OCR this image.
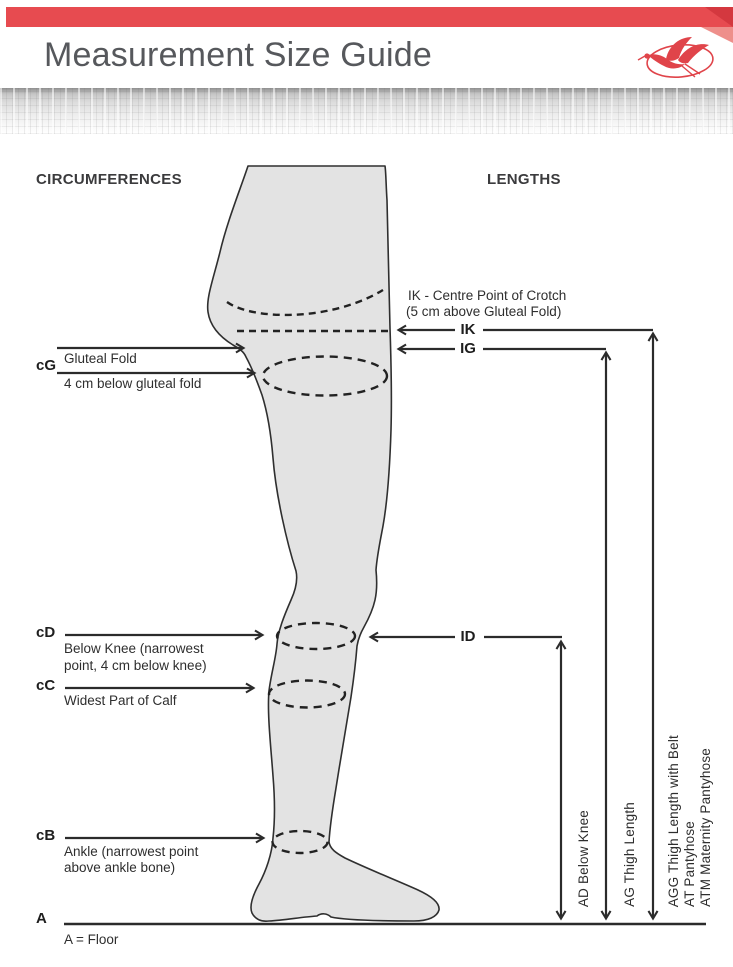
Measurement Size Guide
CIRCUMFERENCES	LENGTHS
cG Gluteal Fold
4 cm below gluteal fold
cD
Below Knee (narrowest
point, 4 cm below knee)
cC
Widest Part of Calf
cB
Ankle (narrowest point
above ankle bone)
A
A = Floor
IK - Centre Point of Crotch
(5 cm above Gluteal Fold)
IK
IG
ID
AD Below Knee AG Thigh Length AGG Thigh Length with Belt AT Pantyhose ATM Maternity Pantyhose
